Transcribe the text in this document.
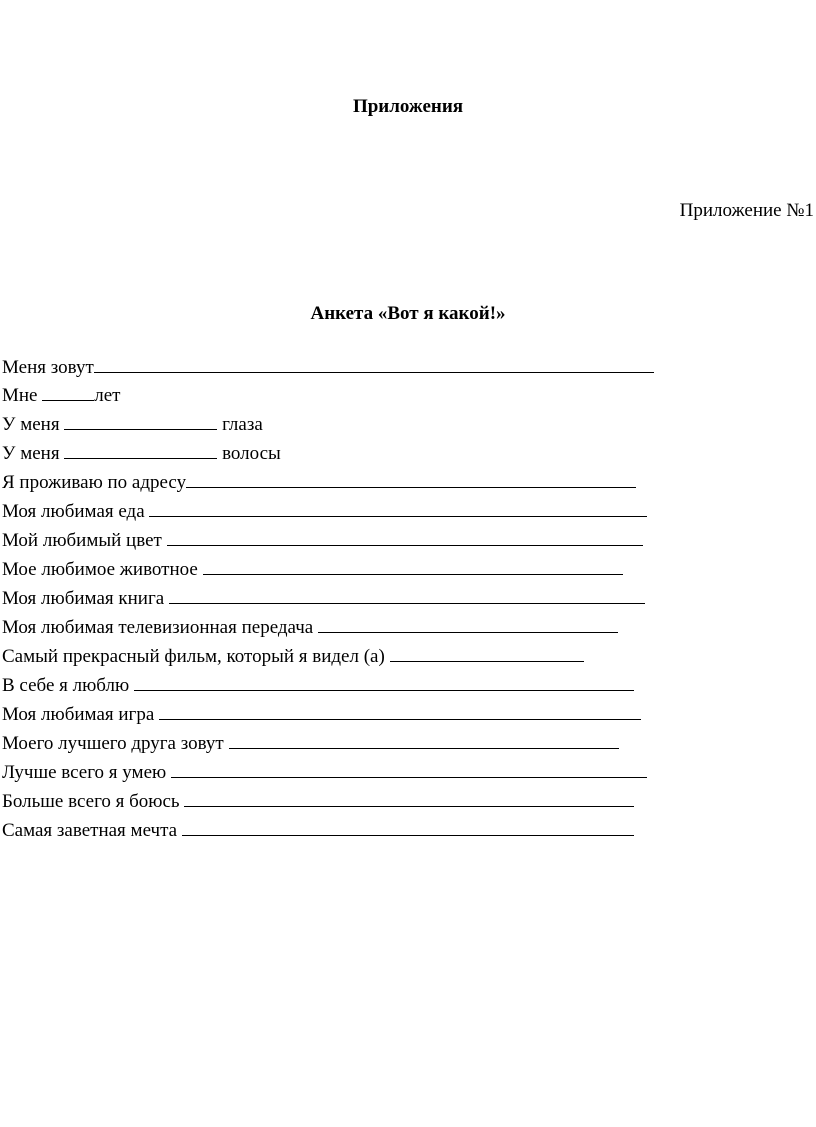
Приложения
Приложение №1
Анкета «Вот я какой!»
Меня зовут
Мне	лет
У меня	глаза
У меня	волосы
Я проживаю по адресу
Моя любимая еда
Мой любимый цвет
Мое любимое животное
Моя любимая книга
Моя любимая телевизионная передача
Самый прекрасный фильм, который я видел (а)
В себе я люблю
Моя любимая игра
Моего лучшего друга зовут
Лучше всего я умею
Больше всего я боюсь
Самая заветная мечта
